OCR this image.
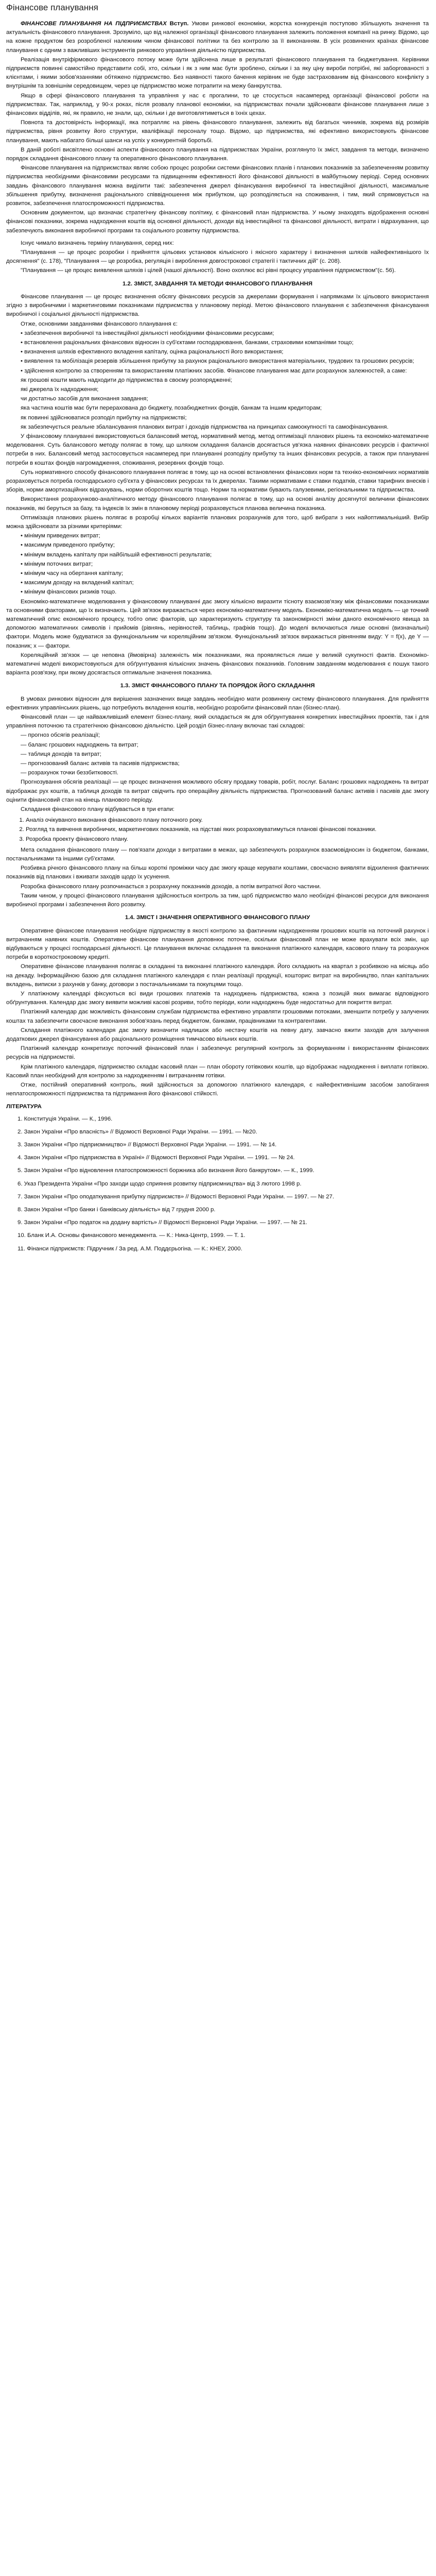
Фінансове планування

ФІНАНСОВЕ ПЛАНУВАННЯ НА ПІДПРИЄМСТВАХ Вступ. Умови ринкової економіки, жорстка конкуренція поступово збільшують значення та актуальність фінансового планування. Зрозуміло, що від належної організації фінансового планування залежить положення компанії на ринку. Відомо, що на кожне продуктом без розробленої належним чином фінансової політики та без контролю за її виконанням. В усіх розвинених країнах фінансове планування є одним з важливіших інструментів ринкового управління діяльністю підприємства.

Реалізація внутріфірмового фінансового потоку може бути здійснена лише в результаті фінансового планування та бюджетування. Керівники підприємств повинні самостійно представити собі, хто, скільки і як з ним має бути зроблено, скільки і за яку ціну вироби потрібні, які заборгованості з клієнтами, і якими зобов'язаннями обтяжено підприємство. Без наявності такого бачення керівник не буде застрахованим від фінансового конфлікту з внутрішнім та зовнішнім середовищем, через це підприємство може потрапити на межу банкрутства.

Якщо в сфері фінансового планування та управління у нас є прогалини, то це стосується насамперед організації фінансової роботи на підприємствах. Так, наприклад, у 90-х роках, після розвалу планової економіки, на підприємствах почали здійснювати фінансове планування лише з фінансових відділів, які, як правило, не знали, що, скільки і де виготовлятиметься в їхніх цехах.

Повнота та достовірність інформації, яка потрапляє на рівень фінансового планування, залежить від багатьох чинників, зокрема від розмірів підприємства, рівня розвитку його структури, кваліфікації персоналу тощо. Відомо, що підприємства, які ефективно використовують фінансове планування, мають набагато більші шанси на успіх у конкурентній боротьбі.

В даній роботі висвітлено основні аспекти фінансового планування на підприємствах України, розглянуто їх зміст, завдання та методи, визначено порядок складання фінансового плану та оперативного фінансового планування.

Фінансове планування на підприємствах являє собою процес розробки системи фінансових планів і планових показників за забезпеченням розвитку підприємства необхідними фінансовими ресурсами та підвищенням ефективності його фінансової діяльності в майбутньому періоді. Серед основних завдань фінансового планування можна виділити такі: забезпечення джерел фінансування виробничої та інвестиційної діяльності, максимальне збільшення прибутку, визначення раціонального співвідношення між прибутком, що розподіляється на споживання, і тим, який спрямовується на розвиток, забезпечення платоспроможності підприємства.

Основним документом, що визначає стратегічну фінансову політику, є фінансовий план підприємства. У ньому знаходять відображення основні фінансові показники, зокрема надходження коштів від основної діяльності, доходи від інвестиційної та фінансової діяльності, витрати і відрахування, що забезпечують виконання виробничої програми та соціального розвитку підприємства.

Існує чимало визначень терміну планування, серед них:

"Планування — це процес розробки і прийняття цільових установок кількісного і якісного характеру і визначення шляхів найефективнішого їх досягнення" (с. 178), "Планування — це розробка, регуляція і вироблення довгострокової стратегії і тактичних дій" (с. 208).

"Планування — це процес виявлення шляхів і цілей (нашої діяльності). Воно охоплює всі рівні процесу управління підприємством"(с. 56).

1.2. ЗМІСТ, ЗАВДАННЯ ТА МЕТОДИ ФІНАНСОВОГО ПЛАНУВАННЯ

Фінансове планування — це процес визначення обсягу фінансових ресурсів за джерелами формування і напрямками їх цільового використання згідно з виробничими і маркетинговими показниками підприємства у плановому періоді. Метою фінансового планування є забезпечення фінансування виробничої і соціальної діяльності підприємства.

Отже, основними завданнями фінансового планування є:

• забезпечення виробничої та інвестиційної діяльності необхідними фінансовими ресурсами;

• встановлення раціональних фінансових відносин із суб'єктами господарювання, банками, страховими компаніями тощо;

• визначення шляхів ефективного вкладення капіталу, оцінка раціональності його використання;

• виявлення та мобілізація резервів збільшення прибутку за рахунок раціонального використання матеріальних, трудових та грошових ресурсів;

• здійснення контролю за створенням та використанням платіжних засобів. Фінансове планування має дати розрахунок залежностей, а саме:

як грошові кошти мають надходити до підприємства в своєму розпорядженні;

які джерела їх надходження;

чи достатньо засобів для виконання завдання;

яка частина коштів має бути перерахована до бюджету, позабюджетних фондів, банкам та іншим кредиторам;

як повинні здійснюватися розподіл прибутку на підприємстві;

як забезпечується реальне збалансування планових витрат і доходів підприємства на принципах самоокупності та самофінансування.

У фінансовому плануванні використовуються балансовий метод, нормативний метод, метод оптимізації планових рішень та економіко-математичне моделювання. Суть балансового методу полягає в тому, що шляхом складання балансів досягається ув'язка наявних фінансових ресурсів і фактичної потреби в них. Балансовий метод застосовується насамперед при плануванні розподілу прибутку та інших фінансових ресурсів, а також при плануванні потреби в коштах фондів нагромадження, споживання, резервних фондів тощо.

Суть нормативного способу фінансового планування полягає в тому, що на основі встановлених фінансових норм та техніко-економічних нормативів розраховується потреба господарського суб'єкта у фінансових ресурсах та їх джерелах. Такими нормативами є ставки податків, ставки тарифних внесків і зборів, норми амортизаційних відрахувань, норми оборотних коштів тощо. Норми та нормативи бувають галузевими, регіональними та підприємства.

Використання розрахунково-аналітичного методу фінансового планування полягає в тому, що на основі аналізу досягнутої величини фінансових показників, які беруться за базу, та індексів їх змін в плановому періоді розраховується планова величина показника.

Оптимізація планових рішень полягає в розробці кількох варіантів планових розрахунків для того, щоб вибрати з них найоптимальніший. Вибір можна здійснювати за різними критеріями:

• мінімум приведених витрат;

• максимум приведеного прибутку;

• мінімум вкладень капіталу при найбільшій ефективності результатів;

• мінімум поточних витрат;

• мінімум часу на обертання капіталу;

• максимум доходу на вкладений капітал;

• мінімум фінансових ризиків тощо.

Економіко-математичне моделювання у фінансовому плануванні дає змогу кількісно виразити тісноту взаємозв'язку між фінансовими показниками та основними факторами, що їх визначають. Цей зв'язок виражається через економіко-математичну модель. Економіко-математична модель — це точний математичний опис економічного процесу, тобто опис факторів, що характеризують структуру та закономірності зміни даного економічного явища за допомогою математичних символів і прийомів (рівнянь, нерівностей, таблиць, графіків тощо). До моделі включаються лише основні (визначальні) фактори. Модель може будуватися за функціональним чи кореляційним зв'язком. Функціональний зв'язок виражається рівнянням виду: Y = f(x), де Y — показник; x — фактори.

Кореляційний зв'язок — це неповна (ймовірна) залежність між показниками, яка проявляється лише у великій сукупності фактів. Економіко-математичні моделі використовуються для обґрунтування кількісних значень фінансових показників. Головним завданням моделювання є пошук такого варіанта розв'язку, при якому досягається оптимальне значення показника.

1.3. ЗМІСТ ФІНАНСОВОГО ПЛАНУ ТА ПОРЯДОК ЙОГО СКЛАДАННЯ

В умовах ринкових відносин для вирішення зазначених вище завдань необхідно мати розвинену систему фінансового планування. Для прийняття ефективних управлінських рішень, що потребують вкладення коштів, необхідно розробити фінансовий план (бізнес-план).

Фінансовий план — це найважливіший елемент бізнес-плану, який складається як для обґрунтування конкретних інвестиційних проектів, так і для управління поточною та стратегічною фінансовою діяльністю. Цей розділ бізнес-плану включає такі складові:

— прогноз обсягів реалізації;

— баланс грошових надходжень та витрат;

— таблиця доходів та витрат;

— прогнозований баланс активів та пасивів підприємства;

— розрахунок точки беззбитковості.

Прогнозування обсягів реалізації — це процес визначення можливого обсягу продажу товарів, робіт, послуг. Баланс грошових надходжень та витрат відображає рух коштів, а таблиця доходів та витрат свідчить про операційну діяльність підприємства. Прогнозований баланс активів і пасивів дає змогу оцінити фінансовий стан на кінець планового періоду.

Складання фінансового плану відбувається в три етапи:

1. Аналіз очікуваного виконання фінансового плану поточного року.
2. Розгляд та вивчення виробничих, маркетингових показників, на підставі яких розраховуватимуться планові фінансові показники.
3. Розробка проекту фінансового плану.

Мета складання фінансового плану — пов'язати доходи з витратами в межах, що забезпечують розрахунок взаємовідносин із бюджетом, банками, постачальниками та іншими суб'єктами.

Розбивка річного фінансового плану на більш короткі проміжки часу дає змогу краще керувати коштами, своєчасно виявляти відхилення фактичних показників від планових і вживати заходів щодо їх усунення.

Розробка фінансового плану розпочинається з розрахунку показників доходів, а потім витратної його частини.

Таким чином, у процесі фінансового планування здійснюється контроль за тим, щоб підприємство мало необхідні фінансові ресурси для виконання виробничої програми і забезпечення його розвитку.

1.4. ЗМІСТ І ЗНАЧЕННЯ ОПЕРАТИВНОГО ФІНАНСОВОГО ПЛАНУ

Оперативне фінансове планування необхідне підприємству в якості контролю за фактичним надходженням грошових коштів на поточний рахунок і витрачанням наявних коштів. Оперативне фінансове планування доповнює поточне, оскільки фінансовий план не може врахувати всіх змін, що відбуваються у процесі господарської діяльності. Це планування включає складання та виконання платіжного календаря, касового плану та розрахунок потреби в короткостроковому кредиті.

Оперативне фінансове планування полягає в складанні та виконанні платіжного календаря. Його складають на квартал з розбивкою на місяць або на декаду. Інформаційною базою для складання платіжного календаря є план реалізації продукції, кошторис витрат на виробництво, план капітальних вкладень, виписки з рахунків у банку, договори з постачальниками та покупцями тощо.

У платіжному календарі фіксуються всі види грошових платежів та надходжень підприємства, кожна з позицій яких вимагає відповідного обґрунтування. Календар дає змогу виявити можливі касові розриви, тобто періоди, коли надходжень буде недостатньо для покриття витрат.

Платіжний календар дає можливість фінансовим службам підприємства ефективно управляти грошовими потоками, зменшити потребу у залучених коштах та забезпечити своєчасне виконання зобов'язань перед бюджетом, банками, працівниками та контрагентами.

Складання платіжного календаря дає змогу визначити надлишок або нестачу коштів на певну дату, завчасно вжити заходів для залучення додаткових джерел фінансування або раціонального розміщення тимчасово вільних коштів.

Платіжний календар конкретизує поточний фінансовий план і забезпечує регулярний контроль за формуванням і використанням фінансових ресурсів на підприємстві.

Крім платіжного календаря, підприємство складає касовий план — план обороту готівкових коштів, що відображає надходження і виплати готівкою. Касовий план необхідний для контролю за надходженням і витрачанням готівки.

Отже, постійний оперативний контроль, який здійснюється за допомогою платіжного календаря, є найефективнішим засобом запобігання неплатоспроможності підприємства та підтримання його фінансової стійкості.

ЛІТЕРАТУРА

1. Конституція України. — К., 1996.
2. Закон України «Про власність» // Відомості Верховної Ради України. — 1991. — №20.
3. Закон України «Про підприємництво» // Відомості Верховної Ради України. — 1991. — № 14.
4. Закон України «Про підприємства в Україні» // Відомості Верховної Ради України. — 1991. — № 24.
5. Закон України «Про відновлення платоспроможності боржника або визнання його банкрутом». — К., 1999.
6. Указ Президента України «Про заходи щодо сприяння розвитку підприємництва» від 3 лютого 1998 р.
7. Закон України «Про оподаткування прибутку підприємств» // Відомості Верховної Ради України. — 1997. — № 27.
8. Закон України «Про банки і банківську діяльність» від 7 грудня 2000 р.
9. Закон України «Про податок на додану вартість» // Відомості Верховної Ради України. — 1997. — № 21.
10. Бланк И.А. Основы финансового менеджмента. — К.: Ника-Центр, 1999. — Т. 1.
11. Фінанси підприємств: Підручник / За ред. А.М. Поддєрьогіна. — К.: КНЕУ, 2000.
